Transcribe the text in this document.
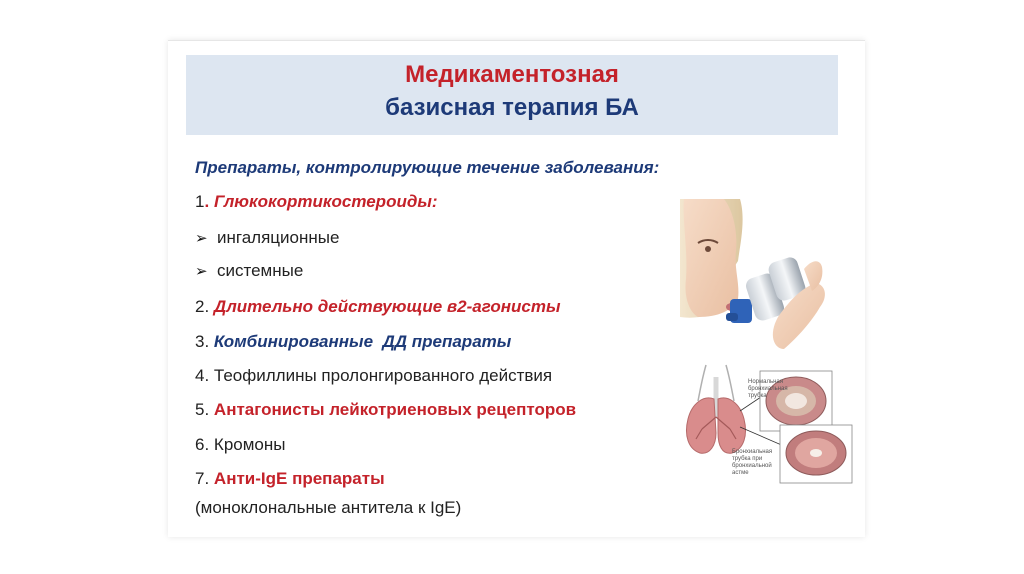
Медикаментозная
базисная терапия БА
Препараты, контролирующие течение заболевания:
1. Глюкокортикостероиды:
➢ ингаляционные
➢ системные
2. Длительно действующие в2-агонисты
3. Комбинированные  ДД препараты
4. Теофиллины пролонгированного действия
5. Антагонисты лейкотриеновых рецепторов
6. Кромоны
7. Анти-IgE препараты
(моноклональные антитела к IgE)
Нормальная бронхиальная трубка
Бронхиальная трубка при бронхиальной астме
